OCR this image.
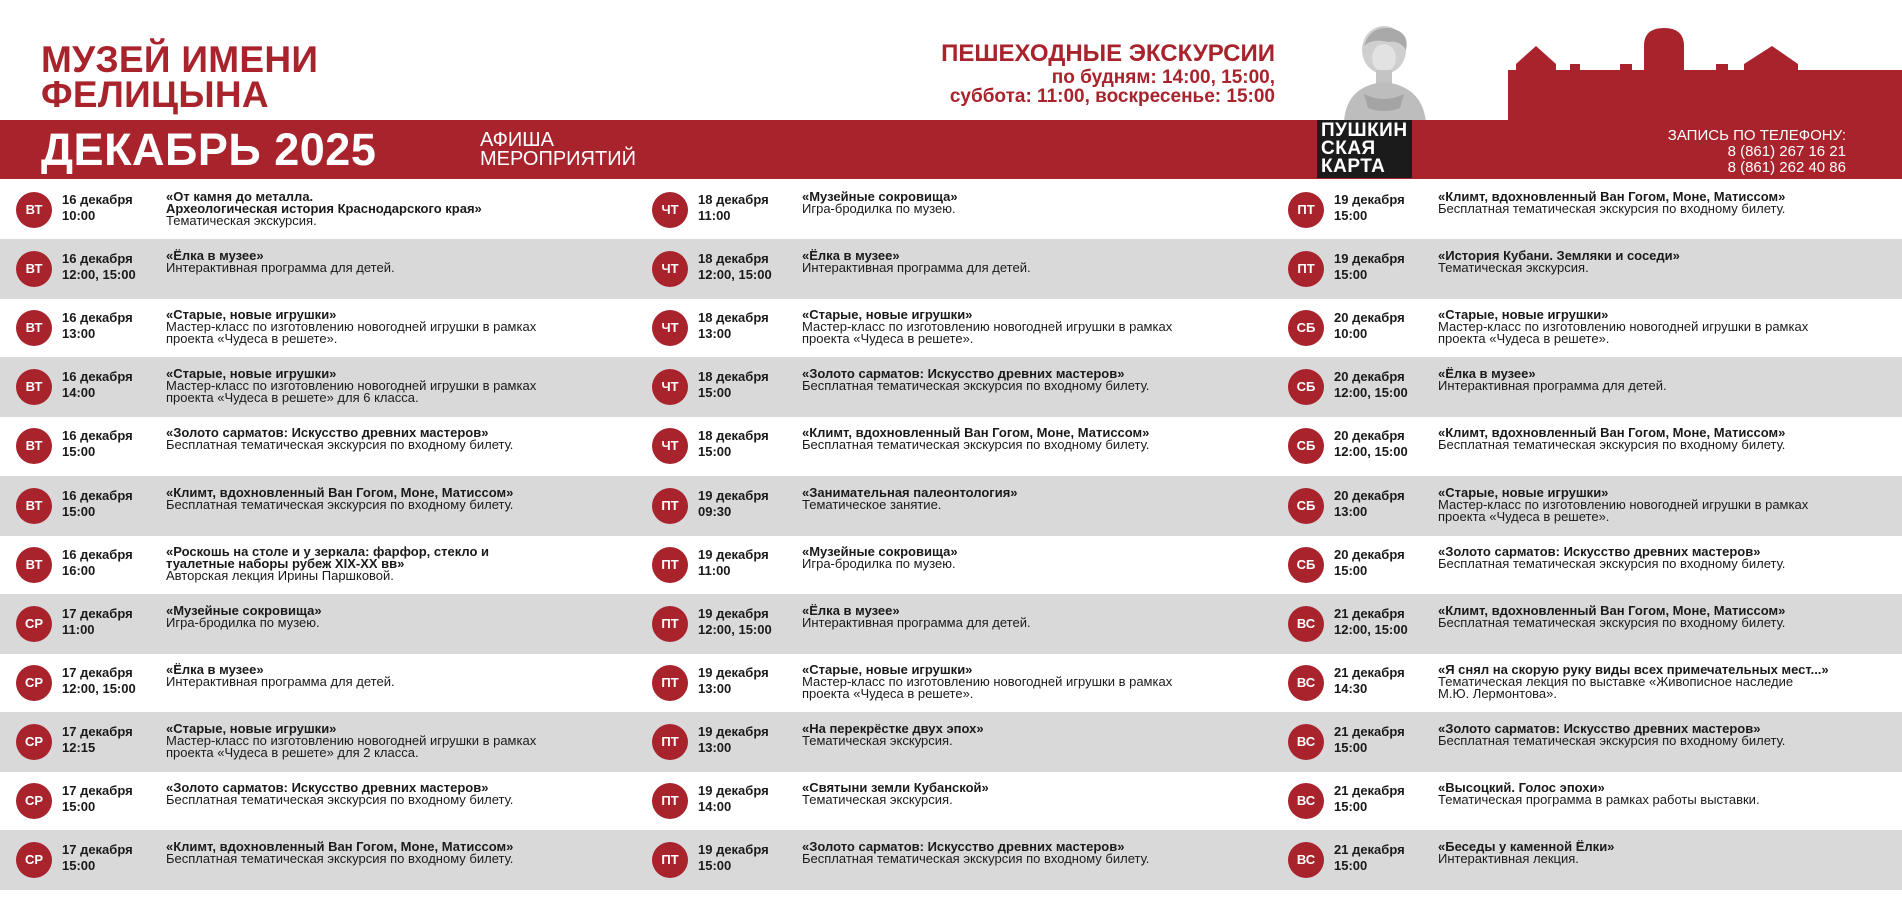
МУЗЕЙ ИМЕНИ
ФЕЛИЦЫНА
ПЕШЕХОДНЫЕ ЭКСКУРСИИ
по будням: 14:00, 15:00,
суббота: 11:00, воскресенье: 15:00
ДЕКАБРЬ 2025	АФИША
МЕРОПРИЯТИЙ
ПУШКИН
СКАЯ
КАРТА
ЗАПИСЬ ПО ТЕЛЕФОНУ:
8 (861) 267 16 21
8 (861) 262 40 86
ВТ
16 декабря
10:00
«От камня до металла.
Археологическая история Краснодарского края»
Тематическая экскурсия.
ВТ
16 декабря
12:00, 15:00
«Ёлка в музее»
Интерактивная программа для детей.
ВТ
16 декабря
13:00
«Старые, новые игрушки»
Мастер-класс по изготовлению новогодней игрушки в рамках
проекта «Чудеса в решете».
ВТ
16 декабря
14:00
«Старые, новые игрушки»
Мастер-класс по изготовлению новогодней игрушки в рамках
проекта «Чудеса в решете» для 6 класса.
ВТ
16 декабря
15:00
«Золото сарматов: Искусство древних мастеров»
Бесплатная тематическая экскурсия по входному билету.
ВТ
16 декабря
15:00
«Климт, вдохновленный Ван Гогом, Моне, Матиссом»
Бесплатная тематическая экскурсия по входному билету.
ВТ
16 декабря
16:00
«Роскошь на столе и у зеркала: фарфор, стекло и
туалетные наборы рубеж XIX-XX вв»
Авторская лекция Ирины Паршковой.
СР
17 декабря
11:00
«Музейные сокровища»
Игра-бродилка по музею.
СР
17 декабря
12:00, 15:00
«Ёлка в музее»
Интерактивная программа для детей.
СР
17 декабря
12:15
«Старые, новые игрушки»
Мастер-класс по изготовлению новогодней игрушки в рамках
проекта «Чудеса в решете» для 2 класса.
СР
17 декабря
15:00
«Золото сарматов: Искусство древних мастеров»
Бесплатная тематическая экскурсия по входному билету.
СР
17 декабря
15:00
«Климт, вдохновленный Ван Гогом, Моне, Матиссом»
Бесплатная тематическая экскурсия по входному билету.
ЧТ
18 декабря
11:00
«Музейные сокровища»
Игра-бродилка по музею.
ЧТ
18 декабря
12:00, 15:00
«Ёлка в музее»
Интерактивная программа для детей.
ЧТ
18 декабря
13:00
«Старые, новые игрушки»
Мастер-класс по изготовлению новогодней игрушки в рамках
проекта «Чудеса в решете».
ЧТ
18 декабря
15:00
«Золото сарматов: Искусство древних мастеров»
Бесплатная тематическая экскурсия по входному билету.
ЧТ
18 декабря
15:00
«Климт, вдохновленный Ван Гогом, Моне, Матиссом»
Бесплатная тематическая экскурсия по входному билету.
ПТ
19 декабря
09:30
«Занимательная палеонтология»
Тематическое занятие.
ПТ
19 декабря
11:00
«Музейные сокровища»
Игра-бродилка по музею.
ПТ
19 декабря
12:00, 15:00
«Ёлка в музее»
Интерактивная программа для детей.
ПТ
19 декабря
13:00
«Старые, новые игрушки»
Мастер-класс по изготовлению новогодней игрушки в рамках
проекта «Чудеса в решете».
ПТ
19 декабря
13:00
«На перекрёстке двух эпох»
Тематическая экскурсия.
ПТ
19 декабря
14:00
«Святыни земли Кубанской»
Тематическая экскурсия.
ПТ
19 декабря
15:00
«Золото сарматов: Искусство древних мастеров»
Бесплатная тематическая экскурсия по входному билету.
ПТ
19 декабря
15:00
«Климт, вдохновленный Ван Гогом, Моне, Матиссом»
Бесплатная тематическая экскурсия по входному билету.
ПТ
19 декабря
15:00
«История Кубани. Земляки и соседи»
Тематическая экскурсия.
СБ
20 декабря
10:00
«Старые, новые игрушки»
Мастер-класс по изготовлению новогодней игрушки в рамках
проекта «Чудеса в решете».
СБ
20 декабря
12:00, 15:00
«Ёлка в музее»
Интерактивная программа для детей.
СБ
20 декабря
12:00, 15:00
«Климт, вдохновленный Ван Гогом, Моне, Матиссом»
Бесплатная тематическая экскурсия по входному билету.
СБ
20 декабря
13:00
«Старые, новые игрушки»
Мастер-класс по изготовлению новогодней игрушки в рамках
проекта «Чудеса в решете».
СБ
20 декабря
15:00
«Золото сарматов: Искусство древних мастеров»
Бесплатная тематическая экскурсия по входному билету.
ВС
21 декабря
12:00, 15:00
«Климт, вдохновленный Ван Гогом, Моне, Матиссом»
Бесплатная тематическая экскурсия по входному билету.
ВС
21 декабря
14:30
«Я снял на скорую руку виды всех примечательных мест...»
Тематическая лекция по выставке «Живописное наследие
М.Ю. Лермонтова».
ВС
21 декабря
15:00
«Золото сарматов: Искусство древних мастеров»
Бесплатная тематическая экскурсия по входному билету.
ВС
21 декабря
15:00
«Высоцкий. Голос эпохи»
Тематическая программа в рамках работы выставки.
ВС
21 декабря
15:00
«Беседы у каменной Ёлки»
Интерактивная лекция.
